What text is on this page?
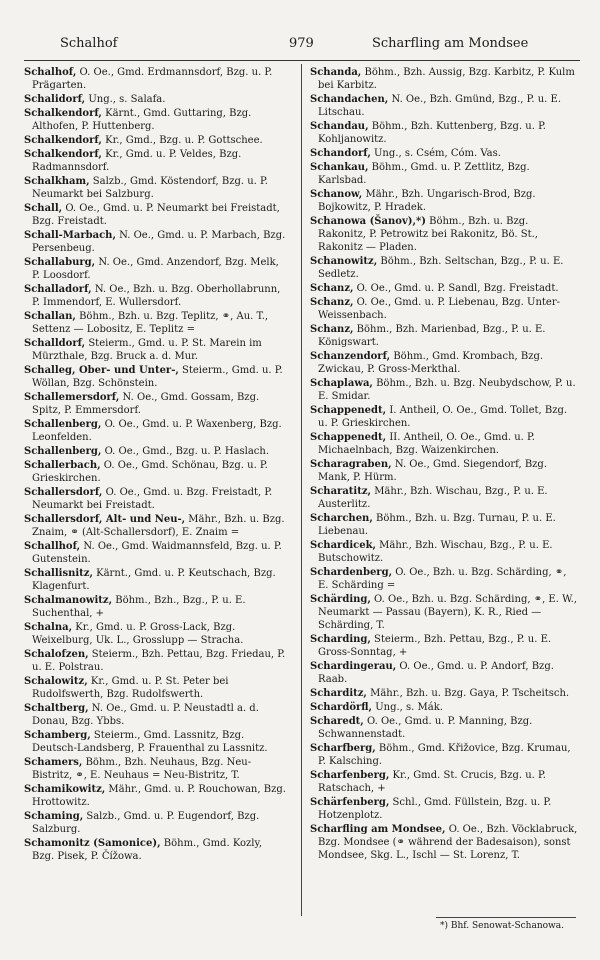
Schalhof	979	Scharfling am Mondsee
Schalhof, O. Oe., Gmd. Erdmannsdorf, Bzg. u. P. Prägarten.
Schalidorf, Ung., s. Salafa.
Schalkendorf, Kärnt., Gmd. Guttaring, Bzg. Althofen, P. Huttenberg.
Schalkendorf, Kr., Gmd., Bzg. u. P. Gottschee.
Schalkendorf, Kr., Gmd. u. P. Veldes, Bzg. Radmannsdorf.
Schalkham, Salzb., Gmd. Köstendorf, Bzg. u. P. Neumarkt bei Salzburg.
Schall, O. Oe., Gmd. u. P. Neumarkt bei Freistadt, Bzg. Freistadt.
Schall-Marbach, N. Oe., Gmd. u. P. Marbach, Bzg. Persenbeug.
Schallaburg, N. Oe., Gmd. Anzendorf, Bzg. Melk, P. Loosdorf.
Schalladorf, N. Oe., Bzh. u. Bzg. Oberhollabrunn, P. Immendorf, E. Wullersdorf.
Schallan, Böhm., Bzh. u. Bzg. Teplitz, ⚭, Au. T., Settenz — Lobositz, E. Teplitz =
Schalldorf, Steierm., Gmd. u. P. St. Marein im Mürzthale, Bzg. Bruck a. d. Mur.
Schalleg, Ober- und Unter-, Steierm., Gmd. u. P. Wöllan, Bzg. Schönstein.
Schallemersdorf, N. Oe., Gmd. Gossam, Bzg. Spitz, P. Emmersdorf.
Schallenberg, O. Oe., Gmd. u. P. Waxenberg, Bzg. Leonfelden.
Schallenberg, O. Oe., Gmd., Bzg. u. P. Haslach.
Schallerbach, O. Oe., Gmd. Schönau, Bzg. u. P. Grieskirchen.
Schallersdorf, O. Oe., Gmd. u. Bzg. Freistadt, P. Neumarkt bei Freistadt.
Schallersdorf, Alt- und Neu-, Mähr., Bzh. u. Bzg. Znaim, ⚭ (Alt-Schallersdorf), E. Znaim =
Schallhof, N. Oe., Gmd. Waidmannsfeld, Bzg. u. P. Gutenstein.
Schallisnitz, Kärnt., Gmd. u. P. Keutschach, Bzg. Klagenfurt.
Schalmanowitz, Böhm., Bzh., Bzg., P. u. E. Suchenthal, +
Schalna, Kr., Gmd. u. P. Gross-Lack, Bzg. Weixelburg, Uk. L., Grosslupp — Stracha.
Schalofzen, Steierm., Bzh. Pettau, Bzg. Friedau, P. u. E. Polstrau.
Schalowitz, Kr., Gmd. u. P. St. Peter bei Rudolfswerth, Bzg. Rudolfswerth.
Schaltberg, N. Oe., Gmd. u. P. Neustadtl a. d. Donau, Bzg. Ybbs.
Schamberg, Steierm., Gmd. Lassnitz, Bzg. Deutsch-Landsberg, P. Frauenthal zu Lassnitz.
Schamers, Böhm., Bzh. Neuhaus, Bzg. Neu-Bistritz, ⚭, E. Neuhaus = Neu-Bistritz, T.
Schamikowitz, Mähr., Gmd. u. P. Rouchowan, Bzg. Hrottowitz.
Schaming, Salzb., Gmd. u. P. Eugendorf, Bzg. Salzburg.
Schamonitz (Samonice), Böhm., Gmd. Kozly, Bzg. Pisek, P. Čížowa.
Schanda, Böhm., Bzh. Aussig, Bzg. Karbitz, P. Kulm bei Karbitz.
Schandachen, N. Oe., Bzh. Gmünd, Bzg., P. u. E. Litschau.
Schandau, Böhm., Bzh. Kuttenberg, Bzg. u. P. Kohljanowitz.
Schandorf, Ung., s. Csém, Cóm. Vas.
Schankau, Böhm., Gmd. u. P. Zettlitz, Bzg. Karlsbad.
Schanow, Mähr., Bzh. Ungarisch-Brod, Bzg. Bojkowitz, P. Hradek.
Schanowa (Šanov),*) Böhm., Bzh. u. Bzg. Rakonitz, P. Petrowitz bei Rakonitz, Bö. St., Rakonitz — Pladen.
Schanowitz, Böhm., Bzh. Seltschan, Bzg., P. u. E. Sedletz.
Schanz, O. Oe., Gmd. u. P. Sandl, Bzg. Freistadt.
Schanz, O. Oe., Gmd. u. P. Liebenau, Bzg. Unter-Weissenbach.
Schanz, Böhm., Bzh. Marienbad, Bzg., P. u. E. Königswart.
Schanzendorf, Böhm., Gmd. Krombach, Bzg. Zwickau, P. Gross-Merkthal.
Schaplawa, Böhm., Bzh. u. Bzg. Neubydschow, P. u. E. Smidar.
Schappenedt, I. Antheil, O. Oe., Gmd. Tollet, Bzg. u. P. Grieskirchen.
Schappenedt, II. Antheil, O. Oe., Gmd. u. P. Michaelnbach, Bzg. Waizenkirchen.
Scharagraben, N. Oe., Gmd. Siegendorf, Bzg. Mank, P. Hürm.
Scharatitz, Mähr., Bzh. Wischau, Bzg., P. u. E. Austerlitz.
Scharchen, Böhm., Bzh. u. Bzg. Turnau, P. u. E. Liebenau.
Schardicek, Mähr., Bzh. Wischau, Bzg., P. u. E. Butschowitz.
Schardenberg, O. Oe., Bzh. u. Bzg. Schärding, ⚭, E. Schärding =
Schärding, O. Oe., Bzh. u. Bzg. Schärding, ⚭, E. W., Neumarkt — Passau (Bayern), K. R., Ried — Schärding, T.
Scharding, Steierm., Bzh. Pettau, Bzg., P. u. E. Gross-Sonntag, +
Schardingerau, O. Oe., Gmd. u. P. Andorf, Bzg. Raab.
Scharditz, Mähr., Bzh. u. Bzg. Gaya, P. Tscheitsch.
Schardörfl, Ung., s. Mák.
Scharedt, O. Oe., Gmd. u. P. Manning, Bzg. Schwannenstadt.
Scharfberg, Böhm., Gmd. Křižovice, Bzg. Krumau, P. Kalsching.
Scharfenberg, Kr., Gmd. St. Crucis, Bzg. u. P. Ratschach, +
Schärfenberg, Schl., Gmd. Füllstein, Bzg. u. P. Hotzenplotz.
Scharfling am Mondsee, O. Oe., Bzh. Vöcklabruck, Bzg. Mondsee (⚭ während der Badesaison), sonst Mondsee, Skg. L., Ischl — St. Lorenz, T.
*) Bhf. Senowat-Schanowa.
